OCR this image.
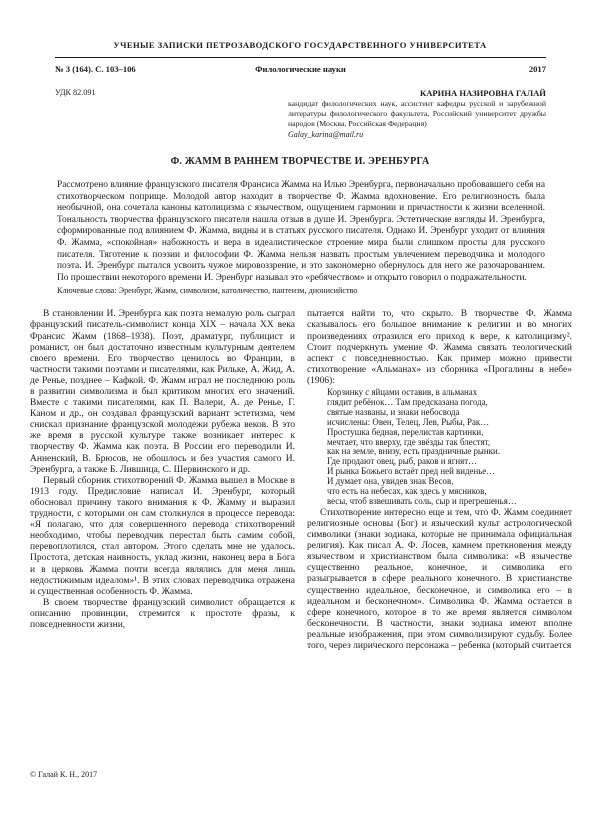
УЧЕНЫЕ ЗАПИСКИ ПЕТРОЗАВОДСКОГО ГОСУДАРСТВЕННОГО УНИВЕРСИТЕТА
№ 3 (164). С. 103–106	Филологические науки	2017
УДК 82.091	КАРИНА НАЗИРОВНА ГАЛАЙ
кандидат филологических наук, ассистент кафедры русской и зарубежной литературы филологического факультета, Российский университет дружбы народов (Москва, Российская Федерация)
Galay_karina@mail.ru
Ф. ЖАММ В РАННЕМ ТВОРЧЕСТВЕ И. ЭРЕНБУРГА
Рассмотрено влияние французского писателя Франсиса Жамма на Илью Эренбурга, первоначально пробовавшего себя на стихотворческом поприще. Молодой автор находит в творчестве Ф. Жамма вдохновение. Его религиозность была необычной, она сочетала каноны католицизма с язычеством, ощущением гармонии и причастности к жизни вселенной. Тональность творчества французского писателя нашла отзыв в душе И. Эренбурга. Эстетические взгляды И. Эренбурга, сформированные под влиянием Ф. Жамма, видны и в статьях русского писателя. Однако И. Эренбург уходит от влияния Ф. Жамма, «спокойная» набожность и вера в идеалистическое строение мира были слишком просты для русского писателя. Тяготение к поэзии и философии Ф. Жамма нельзя назвать простым увлечением переводчика и молодого поэта. И. Эренбург пытался усвоить чужое мировоззрение, и это закономерно обернулось для него же разочарованием. По прошествии некоторого времени И. Эренбург называл это «ребячеством» и открыто говорил о подражательности.
Ключевые слова: Эренбург, Жамм, символизм, католичество, пантеизм, дионисийство

В становлении И. Эренбурга как поэта немалую роль сыграл французский писатель-символист конца XIX – начала XX века Франсис Жамм (1868–1938). Поэт, драматург, публицист и романист, он был достаточно известным культурным деятелем своего времени. Его творчество ценилось во Франции, в частности такими поэтами и писателями, как Рильке, А. Жид, А. де Ренье, позднее – Кафкой. Ф. Жамм играл не последнюю роль в развитии символизма и был критиком многих его значений. Вместе с такими писателями, как П. Валери, А. де Ренье, Г. Каном и др., он создавал французский вариант эстетизма, чем снискал признание французской молодежи рубежа веков. В это же время в русской культуре также возникает интерес к творчеству Ф. Жамма как поэта. В России его переводили И. Анненский, В. Брюсов, не обошлось и без участия самого И. Эренбурга, а также Б. Лившица, С. Шервинского и др.

Первый сборник стихотворений Ф. Жамма вышел в Москве в 1913 году. Предисловие написал И. Эренбург, который обосновал причину такого внимания к Ф. Жамму и выразил трудности, с которыми он сам столкнулся в процессе перевода: «Я полагаю, что для совершенного перевода стихотворений необходимо, чтобы переводчик перестал быть самим собой, перевоплотился, стал автором. Этого сделать мне не удалось. Простота, детская наивность, уклад жизни, наконец вера в Бога и в церковь Жамма почти всегда являлись для меня лишь недостижимым идеалом»¹. В этих словах переводчика отражена и существенная особенность Ф. Жамма.

В своем творчестве французский символист обращается к описанию провинции, стремится к простоте фразы, к повседневности жизни,

пытается найти то, что скрыто. В творчестве Ф. Жамма сказывалось его большое внимание к религии и во многих произведениях отразился его приход к вере, к католицизму². Стоит подчеркнуть умение Ф. Жамма связать теологический аспект с повседневностью. Как пример можно привести стихотворение «Альманах» из сборника «Прогалины в небе» (1906):

Корзинку с яйцами оставив, в альманах
глядит ребёнок… Там предсказана погода,
святые названы, и знаки небосвода
исчислены: Овен, Телец, Лев, Рыбы, Рак…
Простушка бедная, перелистав картинки,
мечтает, что вверху, где звёзды так блестят,
как на земле, внизу, есть праздничные рынки.
Где продают овец, рыб, раков и ягнят…
И рынка Божьего встаёт пред ней виденье…
И думает она, увидев знак Весов,
что есть на небесах, как здесь у мясников,
весы, чтоб взвешивать соль, сыр и прегрешенья…

Стихотворение интересно еще и тем, что Ф. Жамм соединяет религиозные основы (Бог) и языческий культ астрологической символики (знаки зодиака, которые не принимала официальная религия). Как писал А. Ф. Лосев, камнем преткновения между язычеством и христианством была символика: «В язычестве существенно реальное, конечное, и символика его разыгрывается в сфере реального конечного. В христианстве существенно идеальное, бесконечное, и символика его – в идеальном и бесконечном». Символика Ф. Жамма остается в сфере конечного, которое в то же время является символом бесконечности. В частности, знаки зодиака имеют вполне реальные изображения, при этом символизируют судьбу. Более того, через лирического персонажа – ребенка (который считается

© Галай К. Н., 2017
